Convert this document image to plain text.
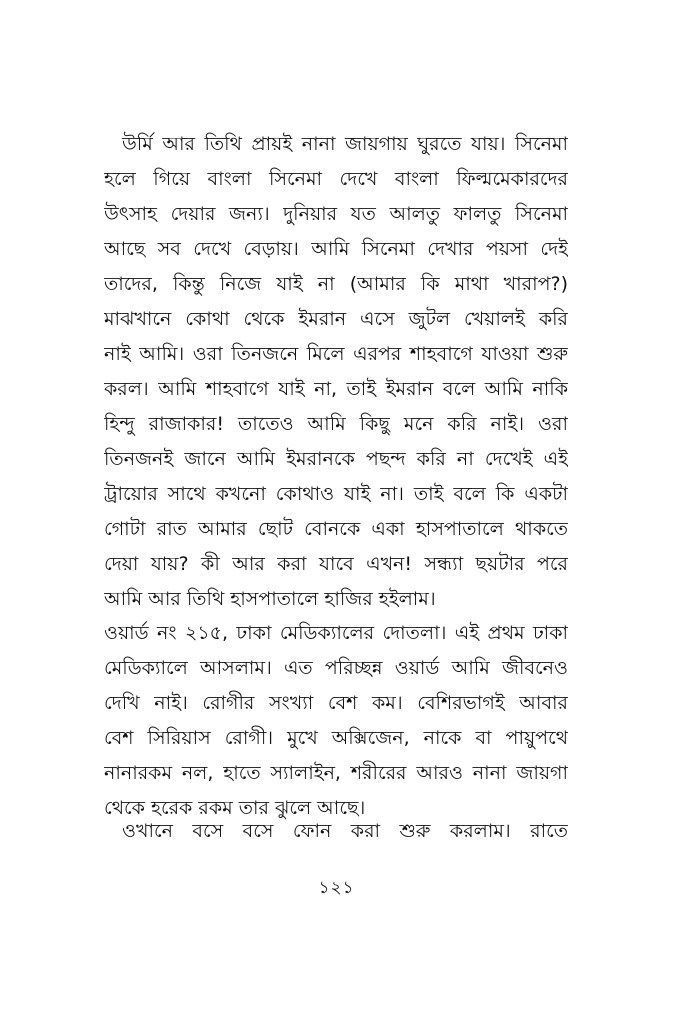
উর্মি আর তিথি প্রায়ই নানা জায়গায় ঘুরতে যায়। সিনেমা
হলে গিয়ে বাংলা সিনেমা দেখে বাংলা ফিল্মমেকারদের
উৎসাহ দেয়ার জন্য। দুনিয়ার যত আলতু ফালতু সিনেমা
আছে সব দেখে বেড়ায়। আমি সিনেমা দেখার পয়সা দেই
তাদের, কিন্তু নিজে যাই না (আমার কি মাথা খারাপ?)
মাঝখানে কোথা থেকে ইমরান এসে জুটল খেয়ালই করি
নাই আমি। ওরা তিনজনে মিলে এরপর শাহবাগে যাওয়া শুরু
করল। আমি শাহবাগে যাই না, তাই ইমরান বলে আমি নাকি
হিন্দু রাজাকার! তাতেও আমি কিছু মনে করি নাই। ওরা
তিনজনই জানে আমি ইমরানকে পছন্দ করি না দেখেই এই
ট্রায়োর সাথে কখনো কোথাও যাই না। তাই বলে কি একটা
গোটা রাত আমার ছোট বোনকে একা হাসপাতালে থাকতে
দেয়া যায়? কী আর করা যাবে এখন! সন্ধ্যা ছয়টার পরে
আমি আর তিথি হাসপাতালে হাজির হইলাম।
ওয়ার্ড নং ২১৫, ঢাকা মেডিক্যালের দোতলা। এই প্রথম ঢাকা
মেডিক্যালে আসলাম। এত পরিচ্ছন্ন ওয়ার্ড আমি জীবনেও
দেখি নাই। রোগীর সংখ্যা বেশ কম। বেশিরভাগই আবার
বেশ সিরিয়াস রোগী। মুখে অক্সিজেন, নাকে বা পায়ুপথে
নানারকম নল, হাতে স্যালাইন, শরীরের আরও নানা জায়গা
থেকে হরেক রকম তার ঝুলে আছে।
ওখানে বসে বসে ফোন করা শুরু করলাম। রাতে
১২১
